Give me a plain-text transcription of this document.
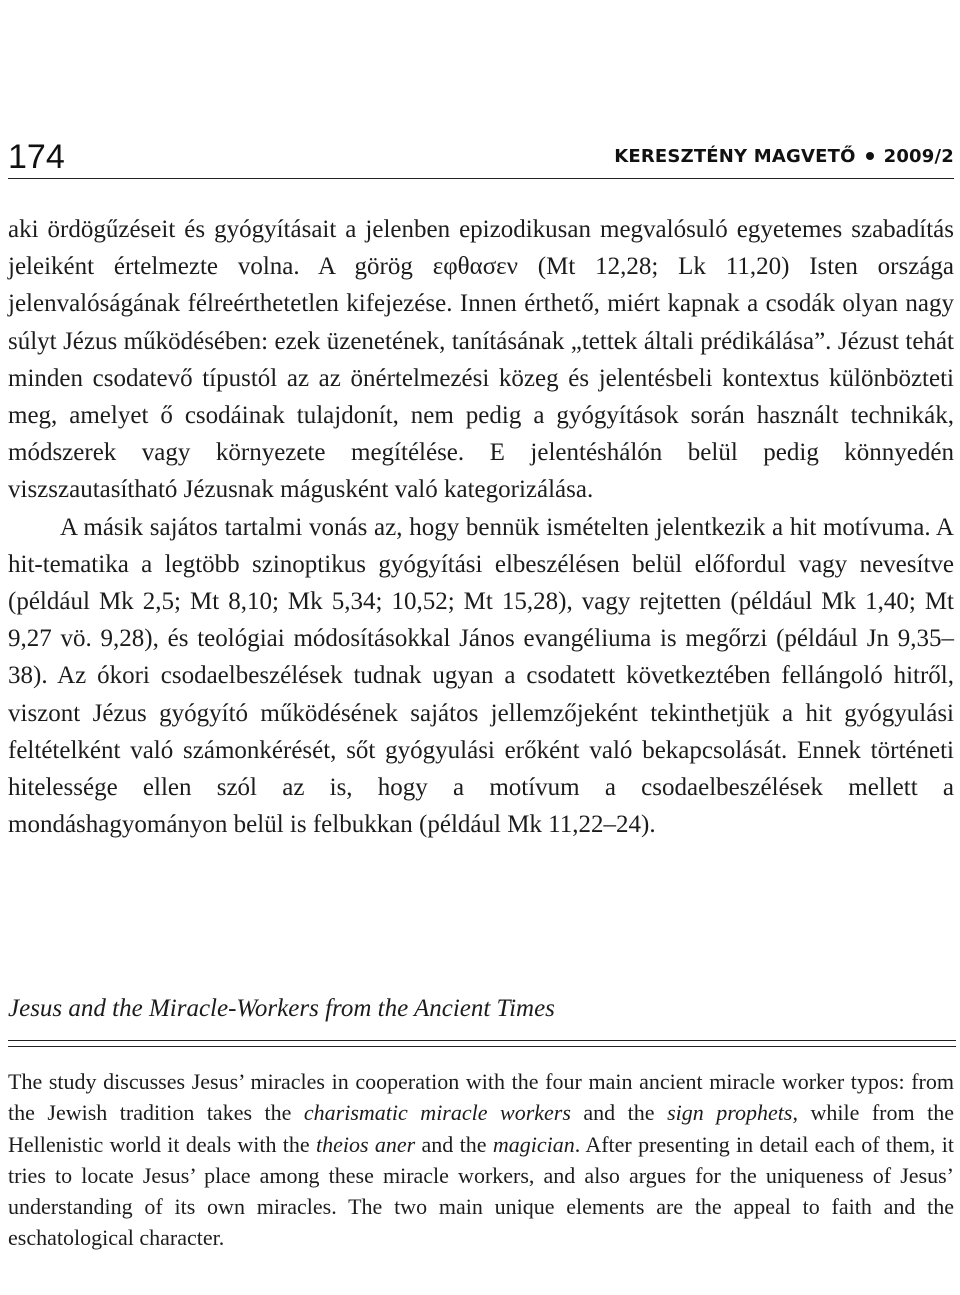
174	KERESZTÉNY MAGVETŐ 2009/2

aki ördögűzéseit és gyógyításait a jelenben epizodikusan megvalósuló egyetemes szabadítás jeleiként értelmezte volna. A görög εφθασεν (Mt 12,28; Lk 11,20) Isten országa jelenvalóságának félreérthetetlen kifejezése. Innen érthető, miért kapnak a csodák olyan nagy súlyt Jézus működésében: ezek üzenetének, tanításának „tettek általi prédikálása”. Jézust tehát minden csodatevő típustól az az önértelmezési közeg és jelentésbeli kontextus különbözteti meg, amelyet ő csodáinak tulajdonít, nem pedig a gyógyítások során használt technikák, módszerek vagy környezete megítélése. E jelentéshálón belül pedig könnyedén viszszautasítható Jézusnak mágusként való kategorizálása.

A másik sajátos tartalmi vonás az, hogy bennük ismételten jelentkezik a hit motívuma. A hit-tematika a legtöbb szinoptikus gyógyítási elbeszélésen belül előfordul vagy nevesítve (például Mk 2,5; Mt 8,10; Mk 5,34; 10,52; Mt 15,28), vagy rejtetten (például Mk 1,40; Mt 9,27 vö. 9,28), és teológiai módosításokkal János evangéliuma is megőrzi (például Jn 9,35–38). Az ókori csodaelbeszélések tudnak ugyan a csodatett következtében fellángoló hitről, viszont Jézus gyógyító működésének sajátos jellemzőjeként tekinthetjük a hit gyógyulási feltételként való számonkérését, sőt gyógyulási erőként való bekapcsolását. Ennek történeti hitelessége ellen szól az is, hogy a motívum a csodaelbeszélések mellett a mondáshagyományon belül is felbukkan (például Mk 11,22–24).

Jesus and the Miracle-Workers from the Ancient Times

The study discusses Jesus’ miracles in cooperation with the four main ancient miracle worker typos: from the Jewish tradition takes the charismatic miracle workers and the sign prophets, while from the Hellenistic world it deals with the theios aner and the magician. After presenting in detail each of them, it tries to locate Jesus’ place among these miracle workers, and also argues for the uniqueness of Jesus’ understanding of its own miracles. The two main unique elements are the appeal to faith and the eschatological character.
